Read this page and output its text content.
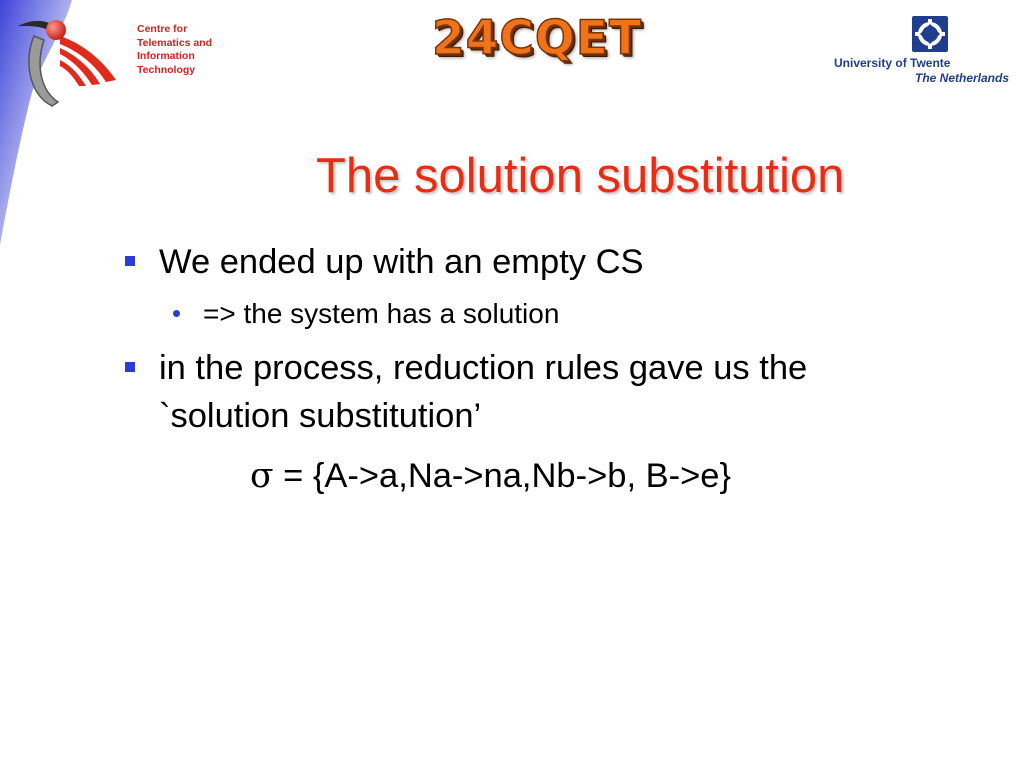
Centre for
Telematics and
Information
Technology
24CQET	University of Twente
The Netherlands
The solution substitution
We ended up with an empty CS
=> the system has a solution
in the process, reduction rules gave us the `solution substitution’
σ = {A->a,Na->na,Nb->b, B->e}
